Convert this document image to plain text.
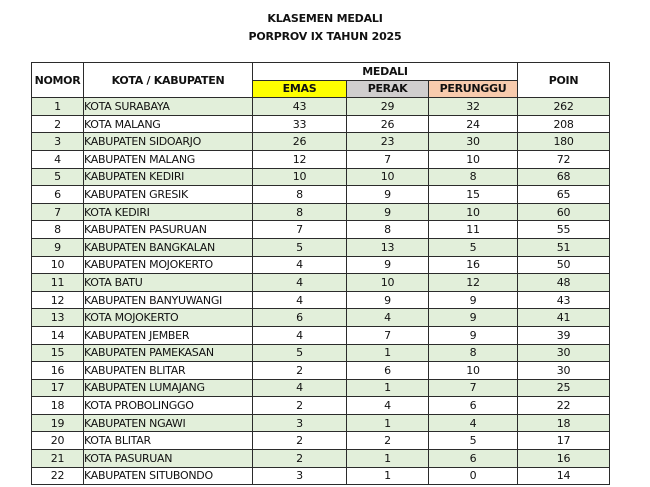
KLASEMEN MEDALI
PORPROV IX TAHUN 2025
NOMOR	KOTA / KABUPATEN	MEDALI			POIN
		EMAS	PERAK	PERUNGGU	
1	KOTA SURABAYA	43	29	32	262
2	KOTA MALANG	33	26	24	208
3	KABUPATEN SIDOARJO	26	23	30	180
4	KABUPATEN MALANG	12	7	10	72
5	KABUPATEN KEDIRI	10	10	8	68
6	KABUPATEN GRESIK	8	9	15	65
7	KOTA KEDIRI	8	9	10	60
8	KABUPATEN PASURUAN	7	8	11	55
9	KABUPATEN BANGKALAN	5	13	5	51
10	KABUPATEN MOJOKERTO	4	9	16	50
11	KOTA BATU	4	10	12	48
12	KABUPATEN BANYUWANGI	4	9	9	43
13	KOTA MOJOKERTO	6	4	9	41
14	KABUPATEN JEMBER	4	7	9	39
15	KABUPATEN PAMEKASAN	5	1	8	30
16	KABUPATEN BLITAR	2	6	10	30
17	KABUPATEN LUMAJANG	4	1	7	25
18	KOTA PROBOLINGGO	2	4	6	22
19	KABUPATEN NGAWI	3	1	4	18
20	KOTA BLITAR	2	2	5	17
21	KOTA PASURUAN	2	1	6	16
22	KABUPATEN SITUBONDO	3	1	0	14
